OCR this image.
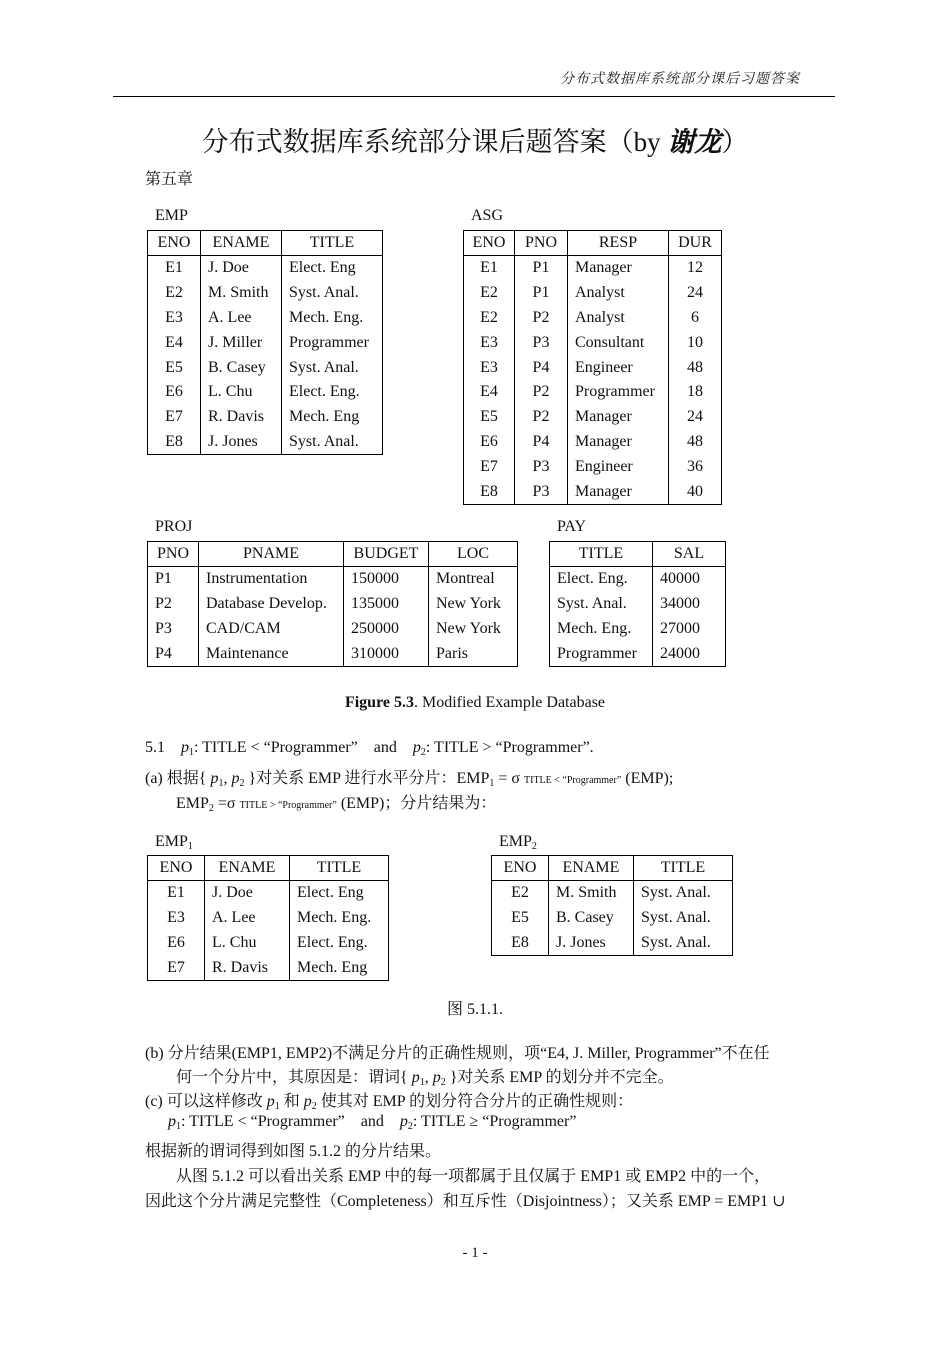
分布式数据库系统部分课后习题答案
分布式数据库系统部分课后题答案（by 谢龙）
第五章
EMP
ENO	ENAME	TITLE
E1	J. Doe	Elect. Eng
E2	M. Smith	Syst. Anal.
E3	A. Lee	Mech. Eng.
E4	J. Miller	Programmer
E5	B. Casey	Syst. Anal.
E6	L. Chu	Elect. Eng.
E7	R. Davis	Mech. Eng
E8	J. Jones	Syst. Anal.
ASG
ENO	PNO	RESP	DUR
E1	P1	Manager	12
E2	P1	Analyst	24
E2	P2	Analyst	6
E3	P3	Consultant	10
E3	P4	Engineer	48
E4	P2	Programmer	18
E5	P2	Manager	24
E6	P4	Manager	48
E7	P3	Engineer	36
E8	P3	Manager	40
PROJ
PNO	PNAME	BUDGET	LOC
P1	Instrumentation	150000	Montreal
P2	Database Develop.	135000	New York
P3	CAD/CAM	250000	New York
P4	Maintenance	310000	Paris
PAY
TITLE	SAL
Elect. Eng.	40000
Syst. Anal.	34000
Mech. Eng.	27000
Programmer	24000
Figure 5.3. Modified Example Database
5.1 $p_1$: TITLE < “Programmer” and $p_2$: TITLE > “Programmer”.
(a) 根据{ $p_1$, $p_2$ }对关系 EMP 进行水平分片：$EMP_1 = \sigma$ TITLE < “Programmer” (EMP);
$EMP_2 =\sigma$ TITLE > “Programmer” (EMP)；分片结果为：
$EMP_1$
ENO	ENAME	TITLE
E1	J. Doe	Elect. Eng
E3	A. Lee	Mech. Eng.
E6	L. Chu	Elect. Eng.
E7	R. Davis	Mech. Eng
$EMP_2$
ENO	ENAME	TITLE
E2	M. Smith	Syst. Anal.
E5	B. Casey	Syst. Anal.
E8	J. Jones	Syst. Anal.
图 5.1.1.
(b) 分片结果(EMP1, EMP2)不满足分片的正确性规则，项“E4, J. Miller, Programmer”不在任
何一个分片中，其原因是：谓词{ $p_1$, $p_2$ }对关系 EMP 的划分并不完全。
(c) 可以这样修改 $p_1$ 和 $p_2$ 使其对 EMP 的划分符合分片的正确性规则：
$p_1$: TITLE < “Programmer” and $p_2$: TITLE ≥ “Programmer”
根据新的谓词得到如图 5.1.2 的分片结果。
从图 5.1.2 可以看出关系 EMP 中的每一项都属于且仅属于 EMP1 或 EMP2 中的一个，
因此这个分片满足完整性（Completeness）和互斥性（Disjointness）；又关系 EMP = EMP1 ∪
- 1 -
